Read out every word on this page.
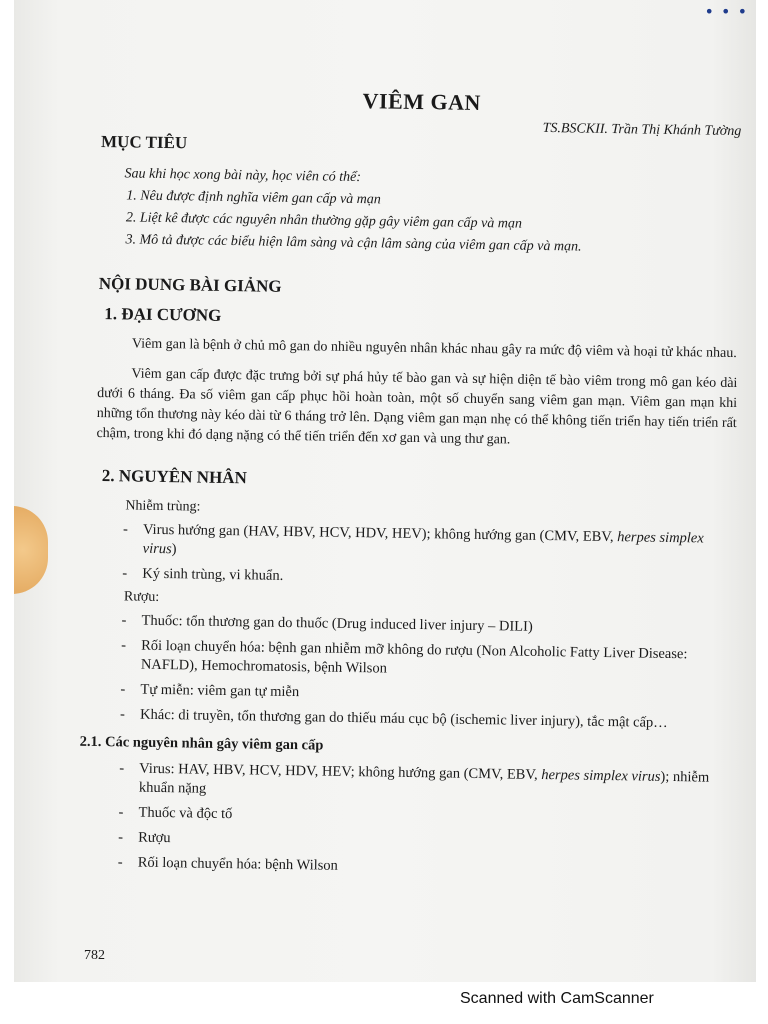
• • •
VIÊM GAN

TS.BSCKII. Trần Thị Khánh Tường

MỤC TIÊU

Sau khi học xong bài này, học viên có thể:

1. Nêu được định nghĩa viêm gan cấp và mạn
2. Liệt kê được các nguyên nhân thường gặp gây viêm gan cấp và mạn
3. Mô tả được các biểu hiện lâm sàng và cận lâm sàng của viêm gan cấp và mạn.
NỘI DUNG BÀI GIẢNG
1. ĐẠI CƯƠNG

Viêm gan là bệnh ở chủ mô gan do nhiều nguyên nhân khác nhau gây ra mức độ viêm và hoại tử khác nhau.

Viêm gan cấp được đặc trưng bởi sự phá hủy tế bào gan và sự hiện diện tế bào viêm trong mô gan kéo dài dưới 6 tháng. Đa số viêm gan cấp phục hồi hoàn toàn, một số chuyển sang viêm gan mạn. Viêm gan mạn khi những tổn thương này kéo dài từ 6 tháng trở lên. Dạng viêm gan mạn nhẹ có thể không tiến triển hay tiến triển rất chậm, trong khi đó dạng nặng có thể tiến triển đến xơ gan và ung thư gan.

2. NGUYÊN NHÂN

Nhiễm trùng:

- Virus hướng gan (HAV, HBV, HCV, HDV, HEV); không hướng gan (CMV, EBV, herpes simplex virus)
- Ký sinh trùng, vi khuẩn.

Rượu:

- Thuốc: tổn thương gan do thuốc (Drug induced liver injury – DILI)
- Rối loạn chuyển hóa: bệnh gan nhiễm mỡ không do rượu (Non Alcoholic Fatty Liver Disease: NAFLD), Hemochromatosis, bệnh Wilson
- Tự miễn: viêm gan tự miễn
- Khác: di truyền, tổn thương gan do thiếu máu cục bộ (ischemic liver injury), tắc mật cấp…

2.1. Các nguyên nhân gây viêm gan cấp

- Virus: HAV, HBV, HCV, HDV, HEV; không hướng gan (CMV, EBV, herpes simplex virus); nhiễm khuẩn nặng
- Thuốc và độc tố
- Rượu
- Rối loạn chuyển hóa: bệnh Wilson
782
Scanned with CamScanner
